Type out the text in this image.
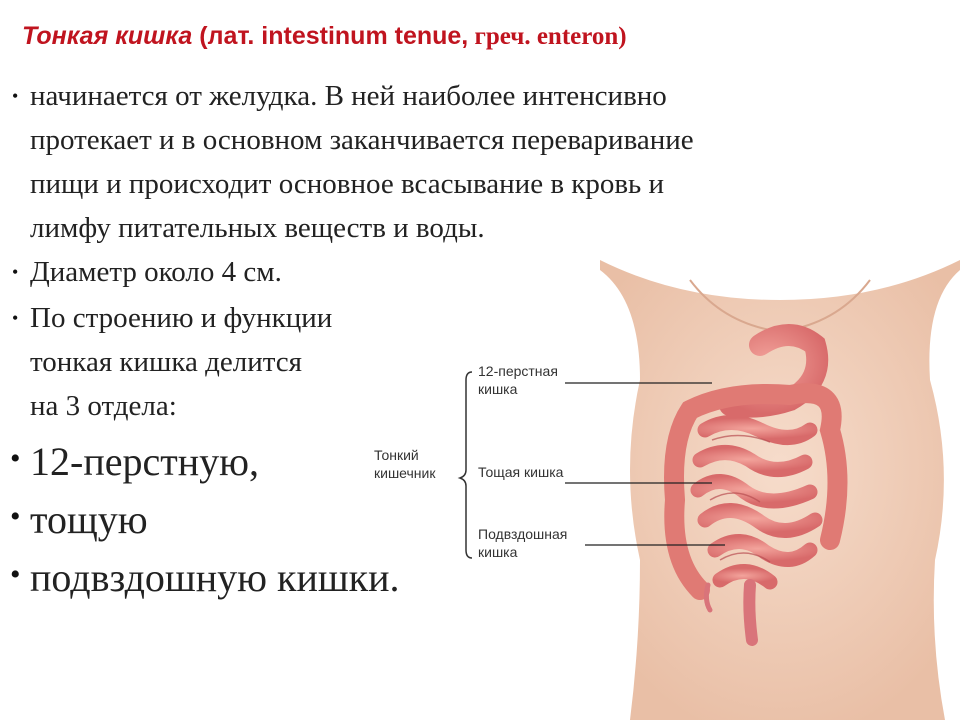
Тонкая кишка (лат. intestinum tenue, греч. enteron)
Тонкий
кишечник
12-перстная
кишка
Тощая кишка
Подвздошная
кишка
• начинается от желудка. В ней наиболее интенсивно
протекает и в основном заканчивается переваривание
пищи и происходит основное всасывание в кровь и
лимфу питательных веществ и воды.
• Диаметр около 4 см.
• По строению и функции
тонкая кишка делится
на 3 отдела:
• 12-перстную,
• тощую
• подвздошную кишки.
